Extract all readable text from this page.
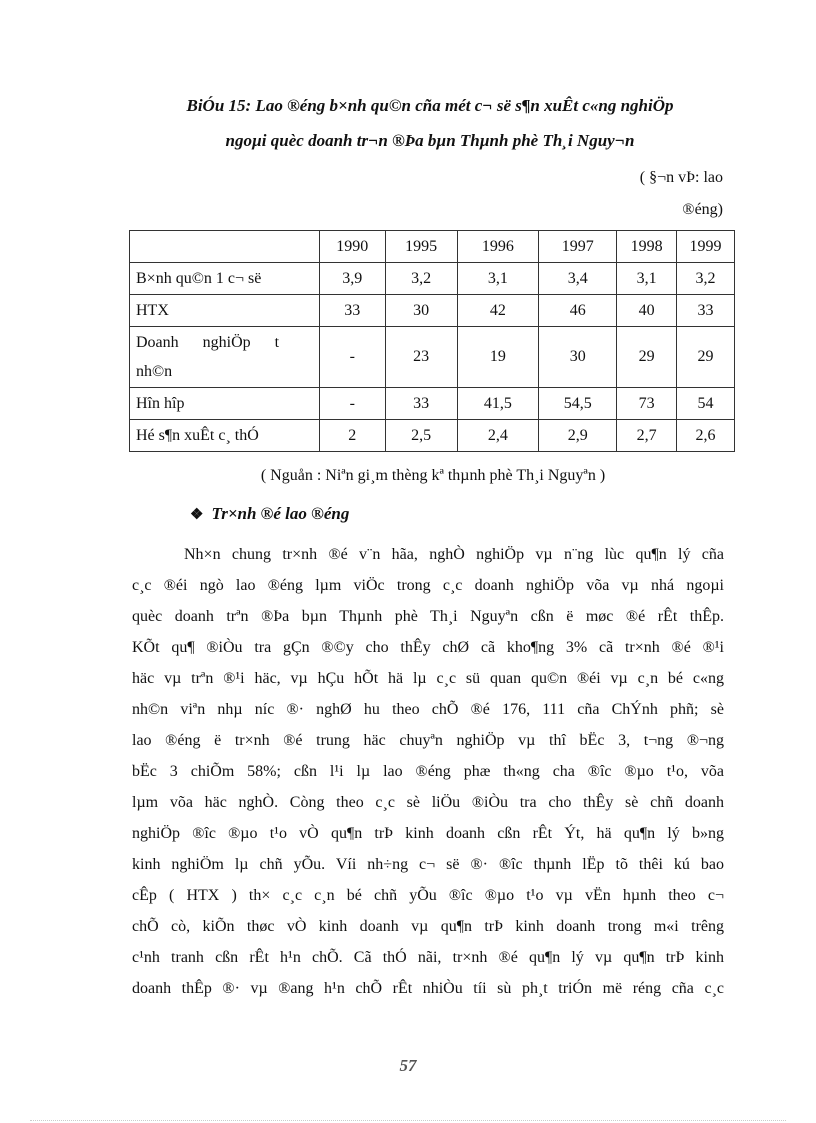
BiÓu 15: Lao ®éng b×nh qu©n cña mét c¬ së s¶n xuÊt c«ng nghiÖp
ngoµi quèc doanh tr¬n ®Þa bµn Thµnh phè Th¸i Nguy¬n
( §¬n vÞ: lao
®éng)
	1990	1995	1996	1997	1998	1999
B×nh qu©n 1 c¬ së	3,9	3,2	3,1	3,4	3,1	3,2
HTX	33	30	42	46	40	33
Doanh      nghiÖp      t
nh©n	-	23	19	30	29	29
Hîn hîp	-	33	41,5	54,5	73	54
Hé s¶n xuÊt c¸ thÓ	2	2,5	2,4	2,9	2,7	2,6
( Nguån : Niªn gi¸m thèng kª thµnh phè Th¸i Nguyªn )
❖ Tr×nh ®é lao ®éng
Nh×n chung tr×nh ®é v¨n hãa, nghÒ nghiÖp vµ n¨ng lùc qu¶n lý cña
c¸c ®éi ngò lao ®éng lµm viÖc trong c¸c doanh nghiÖp võa vµ nhá ngoµi
quèc doanh trªn ®Þa bµn Thµnh phè Th¸i Nguyªn cßn ë møc ®é rÊt thÊp.
KÕt qu¶ ®iÒu tra gÇn ®©y cho thÊy chØ cã kho¶ng 3% cã tr×nh ®é ®¹i
häc vµ trªn ®¹i häc, vµ hÇu hÕt hä lµ c¸c sü quan qu©n ®éi vµ c¸n bé c«ng
nh©n viªn nhµ níc ®· nghØ hu theo chÕ ®é 176, 111 cña ChÝnh phñ; sè
lao ®éng ë tr×nh ®é trung häc chuyªn nghiÖp vµ thî bËc 3, t¬ng ®¬ng
bËc 3 chiÕm 58%; cßn l¹i lµ lao ®éng phæ th«ng cha ®îc ®µo t¹o, võa
lµm võa häc nghÒ. Còng theo c¸c sè liÖu ®iÒu tra cho thÊy sè chñ doanh
nghiÖp ®îc ®µo t¹o vÒ qu¶n trÞ kinh doanh cßn rÊt Ýt, hä qu¶n lý b»ng
kinh nghiÖm lµ chñ yÕu. Víi nh÷ng c¬ së ®· ®îc thµnh lËp tõ thêi kú bao
cÊp ( HTX ) th× c¸c c¸n bé chñ yÕu ®îc ®µo t¹o vµ vËn hµnh theo c¬
chÕ cò, kiÕn thøc vÒ kinh doanh vµ qu¶n trÞ kinh doanh trong m«i trêng
c¹nh tranh cßn rÊt h¹n chÕ. Cã thÓ nãi, tr×nh ®é qu¶n lý vµ qu¶n trÞ kinh
doanh thÊp ®· vµ ®ang h¹n chÕ rÊt nhiÒu tíi sù ph¸t triÓn më réng cña c¸c
57
